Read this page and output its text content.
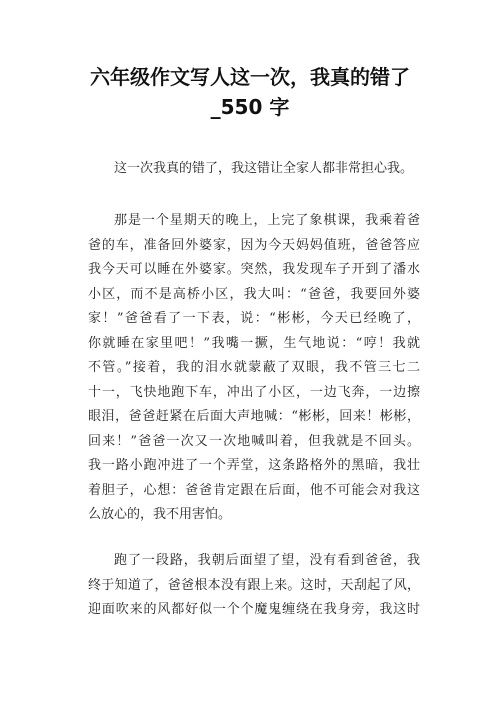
六年级作文写人这一次，我真的错了
_550 字
这一次我真的错了，我这错让全家人都非常担心我。
那是一个星期天的晚上，上完了象棋课，我乘着爸
爸的车，准备回外婆家，因为今天妈妈值班，爸爸答应
我今天可以睡在外婆家。突然，我发现车子开到了潘水
小区，而不是高桥小区，我大叫：“爸爸，我要回外婆
家！”爸爸看了一下表，说：“彬彬，今天已经晚了，
你就睡在家里吧！”我嘴一撅，生气地说：“哼！我就
不管。”接着，我的泪水就蒙蔽了双眼，我不管三七二
十一，飞快地跑下车，冲出了小区，一边飞奔，一边擦
眼泪，爸爸赶紧在后面大声地喊：“彬彬，回来！彬彬，
回来！”爸爸一次又一次地喊叫着，但我就是不回头。
我一路小跑冲进了一个弄堂，这条路格外的黑暗，我壮
着胆子，心想：爸爸肯定跟在后面，他不可能会对我这
么放心的，我不用害怕。
跑了一段路，我朝后面望了望，没有看到爸爸，我
终于知道了，爸爸根本没有跟上来。这时，天刮起了风，
迎面吹来的风都好似一个个魔鬼缠绕在我身旁，我这时
